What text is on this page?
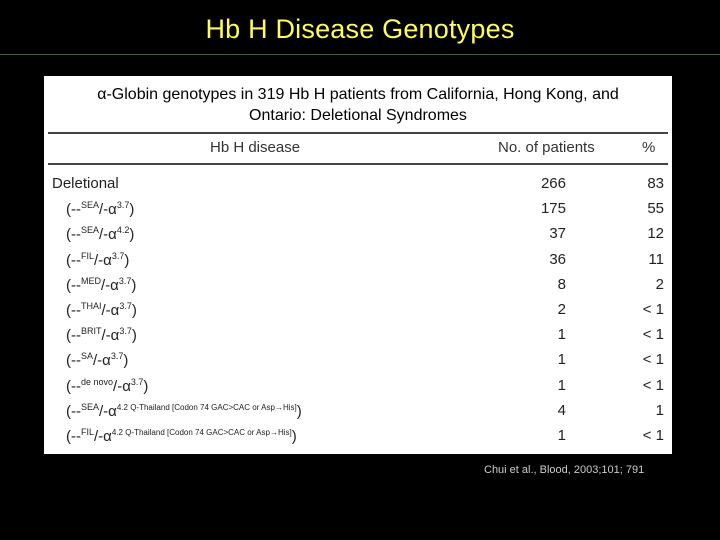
Hb H Disease Genotypes
α-Globin genotypes in 319 Hb H patients from California, Hong Kong, and
Ontario: Deletional Syndromes
Hb H disease	No. of patients	%
Deletional	266	83
$(--^{SEA}/-\alpha^{3.7})$	175	55
$(--^{SEA}/-\alpha^{4.2})$	37	12
$(--^{FIL}/-\alpha^{3.7})$	36	11
$(--^{MED}/-\alpha^{3.7})$	8	2
$(--^{THAI}/-\alpha^{3.7})$	2	< 1
$(--^{BRIT}/-\alpha^{3.7})$	1	< 1
$(--^{SA}/-\alpha^{3.7})$	1	< 1
$(--^{de novo}/-\alpha^{3.7})$	1	< 1
$(--^{SEA}/-\alpha^{4.2 Q-Thailand [Codon 74 GAC>CAC or Asp\to His]})$	4	1
$(--^{FIL}/-\alpha^{4.2 Q-Thailand [Codon 74 GAC>CAC or Asp\to His]})$	1	< 1
Chui et al., Blood, 2003;101; 791
